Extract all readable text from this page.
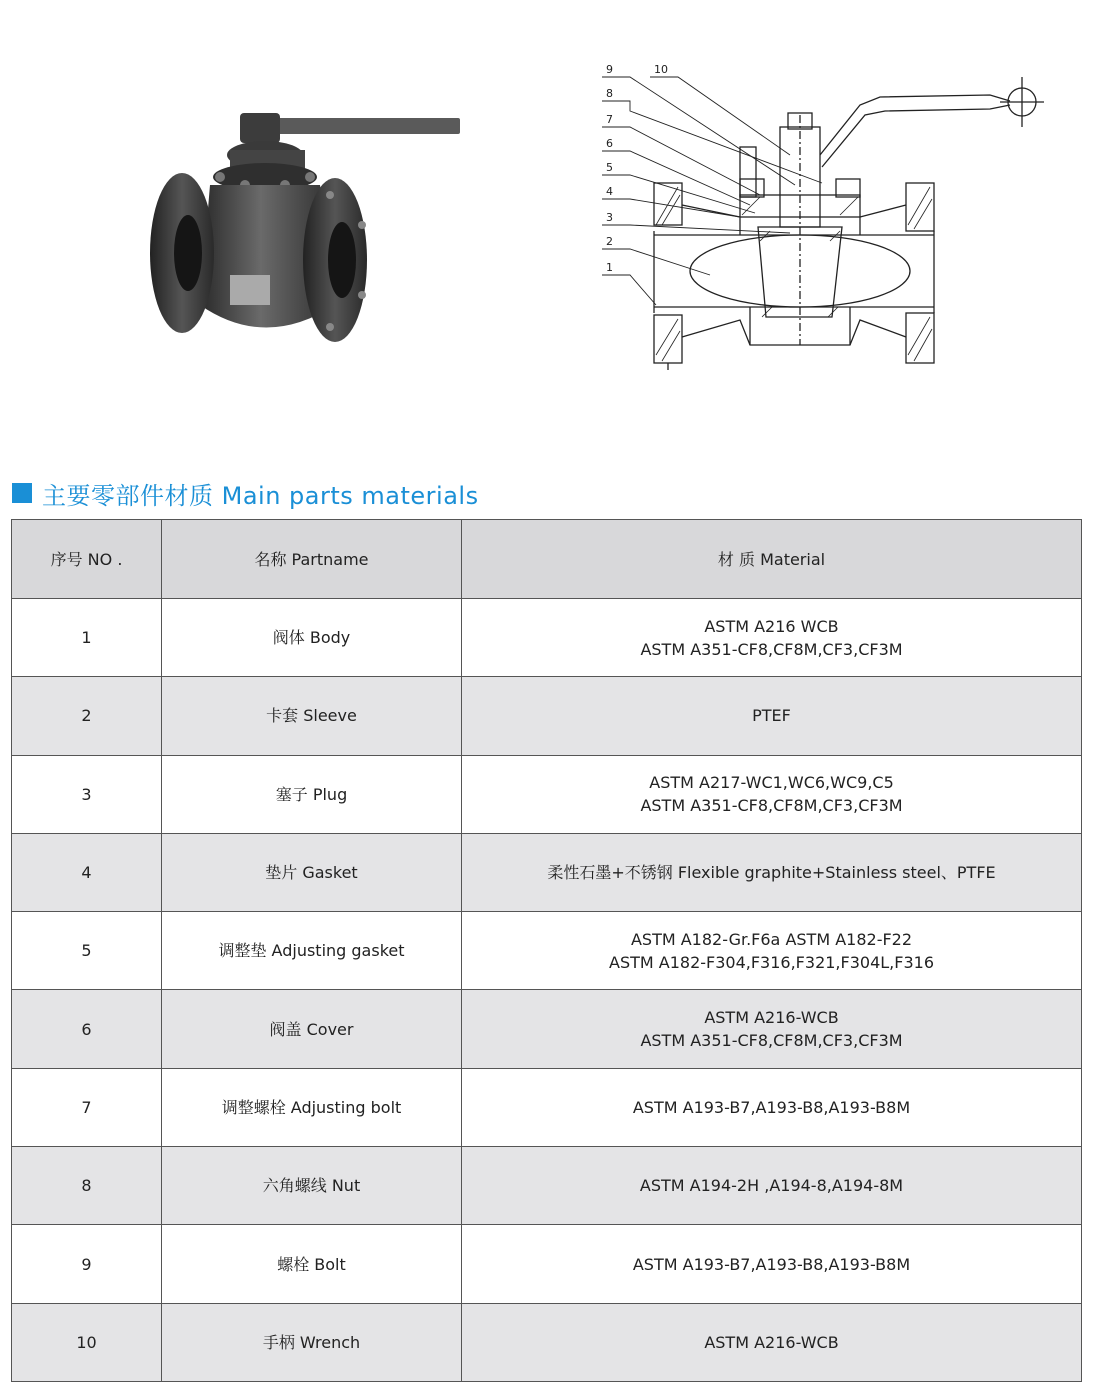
9	10
8
7
6
5
4
3
2
1
主要零部件材质 Main parts materials
序号 NO .	名称 Partname	材 质 Material
1	阀体 Body	ASTM A216 WCB
ASTM A351-CF8,CF8M,CF3,CF3M

2	卡套 Sleeve	PTEF

3	塞子 Plug	ASTM A217-WC1,WC6,WC9,C5
ASTM A351-CF8,CF8M,CF3,CF3M

4	垫片 Gasket	柔性石墨+不锈钢 Flexible graphite+Stainless steel、PTFE

5	调整垫 Adjusting gasket	ASTM A182-Gr.F6a ASTM A182-F22
ASTM A182-F304,F316,F321,F304L,F316

6	阀盖 Cover	ASTM A216-WCB
ASTM A351-CF8,CF8M,CF3,CF3M

7	调整螺栓 Adjusting bolt	ASTM A193-B7,A193-B8,A193-B8M

8	六角螺线 Nut	ASTM A194-2H ,A194-8,A194-8M

9	螺栓 Bolt	ASTM A193-B7,A193-B8,A193-B8M

10	手柄 Wrench	ASTM A216-WCB
